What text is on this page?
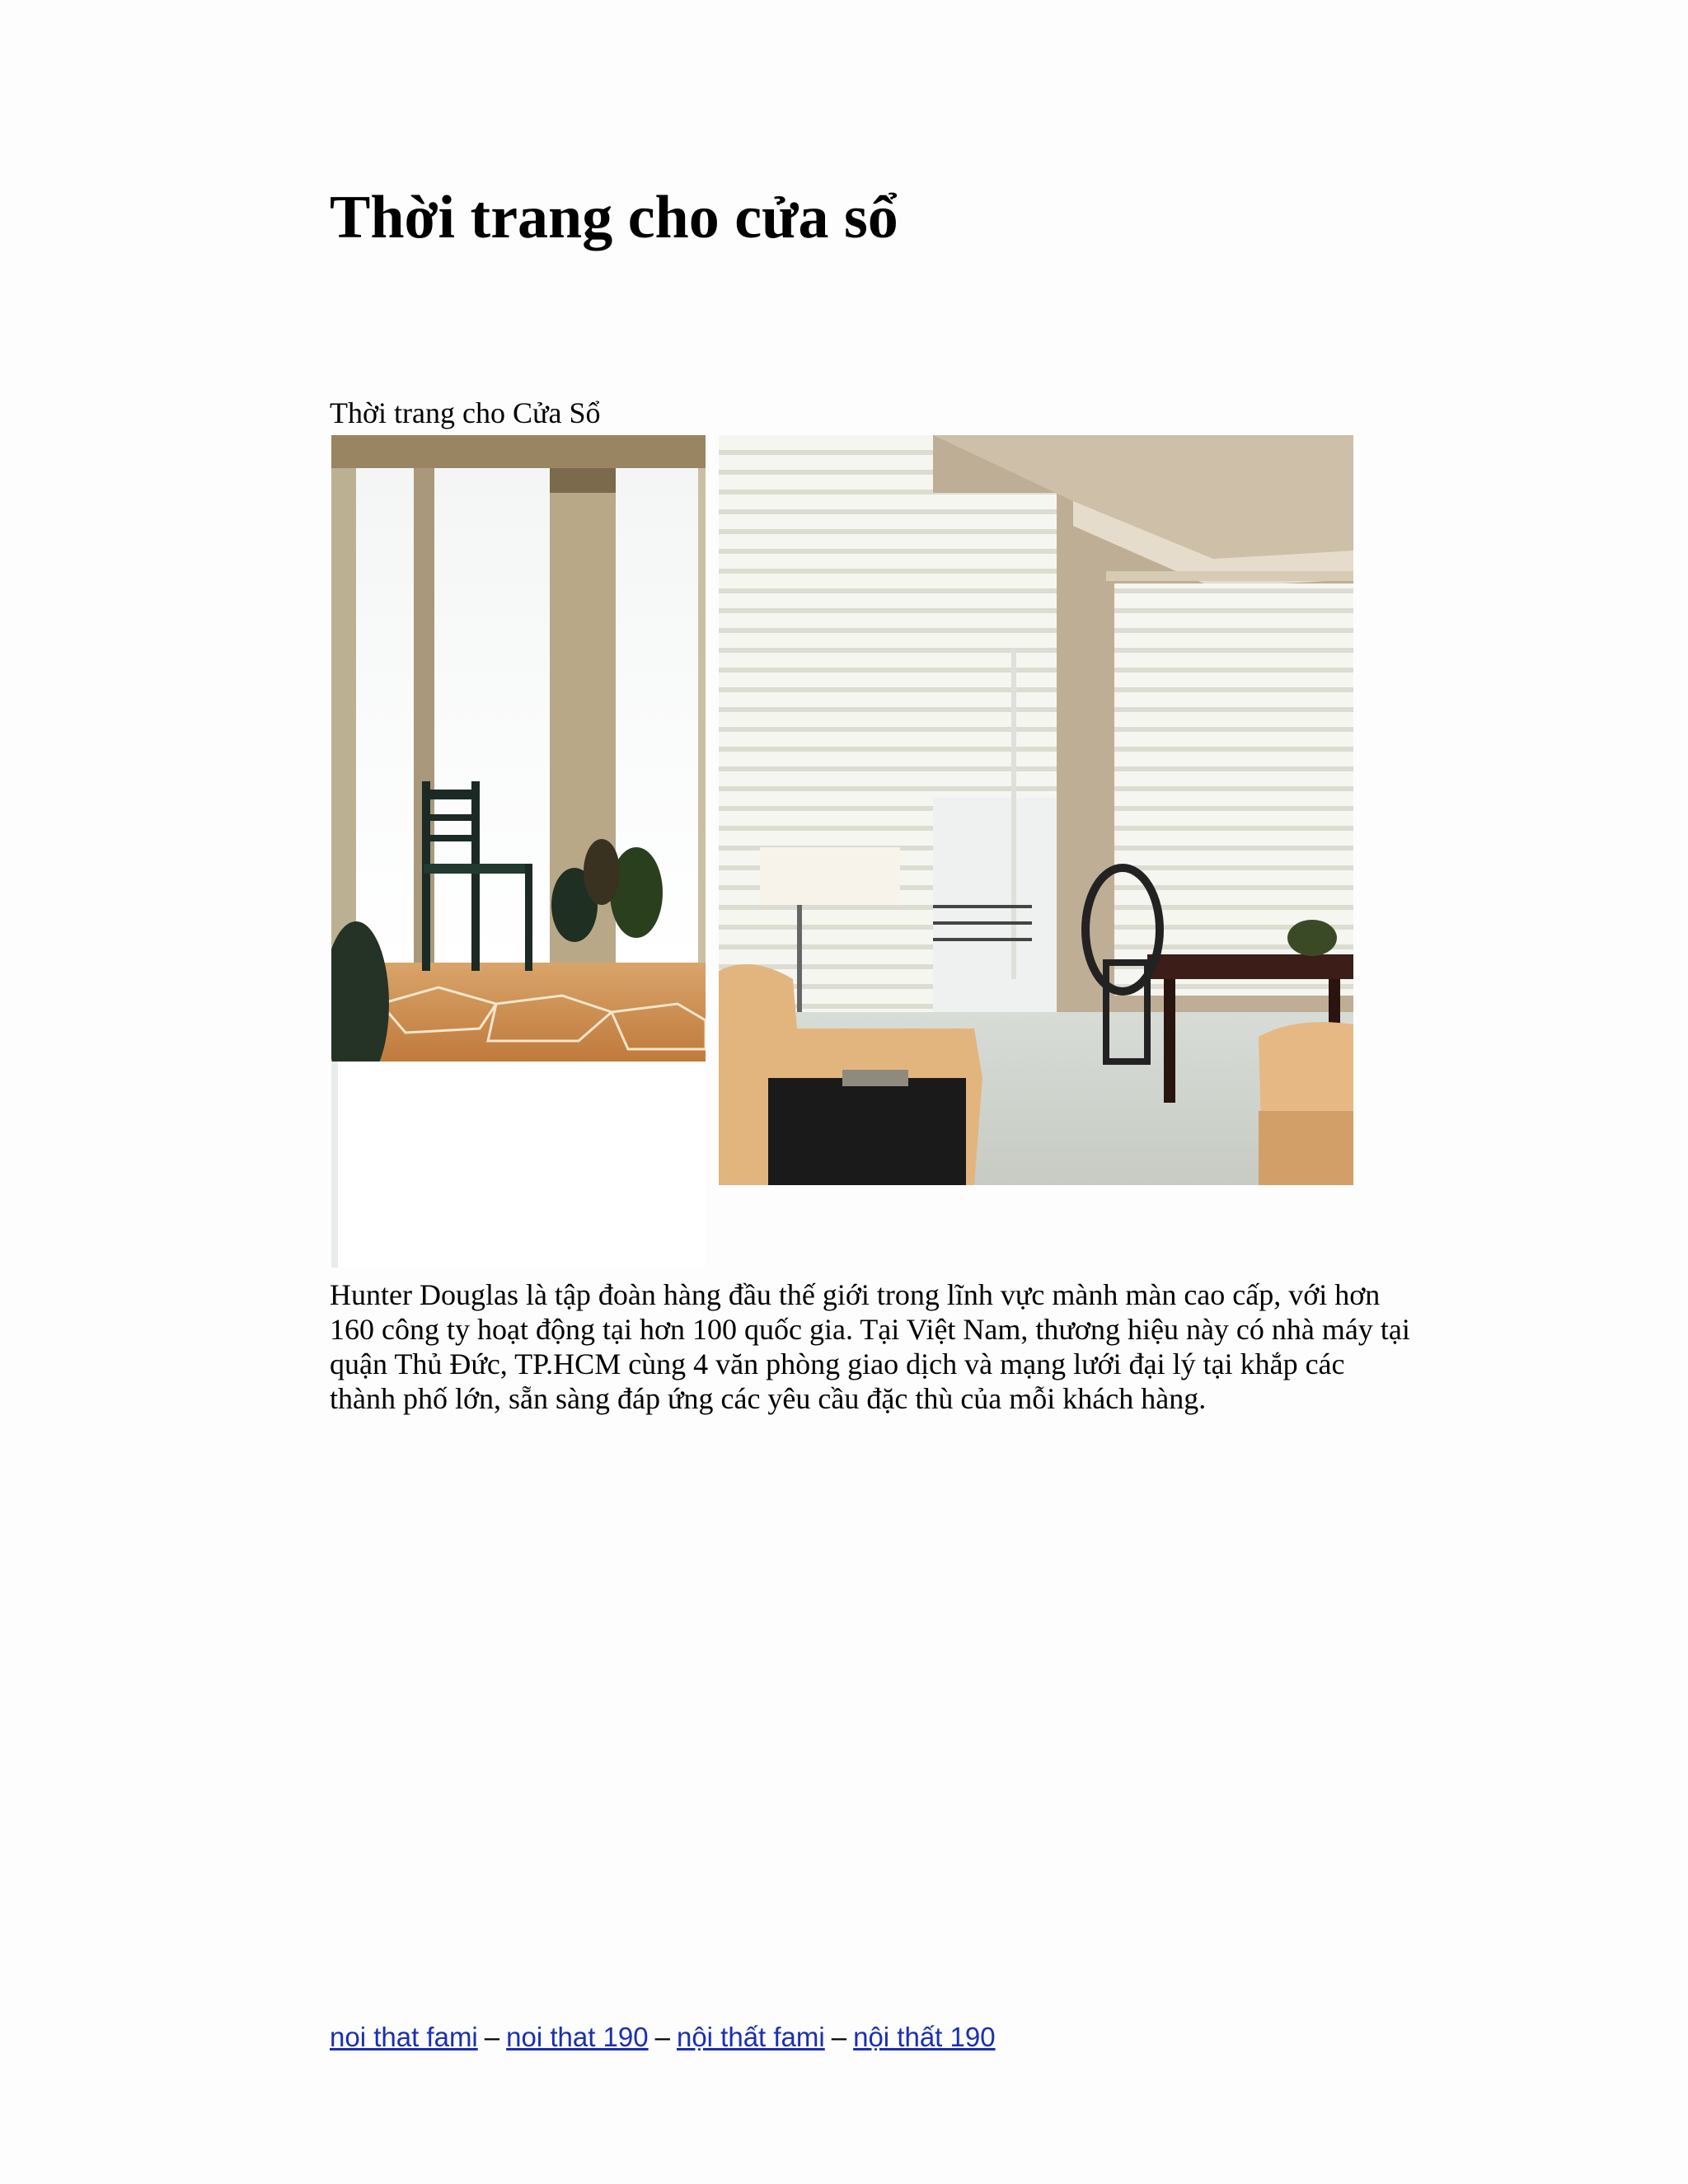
Thời trang cho cửa sổ

Thời trang cho Cửa Sổ

Hunter Douglas là tập đoàn hàng đầu thế giới trong lĩnh vực mành màn cao cấp, với hơn
160 công ty hoạt động tại hơn 100 quốc gia. Tại Việt Nam, thương hiệu này có nhà máy tại
quận Thủ Đức, TP.HCM cùng 4 văn phòng giao dịch và mạng lưới đại lý tại khắp các
thành phố lớn, sẵn sàng đáp ứng các yêu cầu đặc thù của mỗi khách hàng.

noi that fami – noi that 190 – nội thất fami – nội thất 190
